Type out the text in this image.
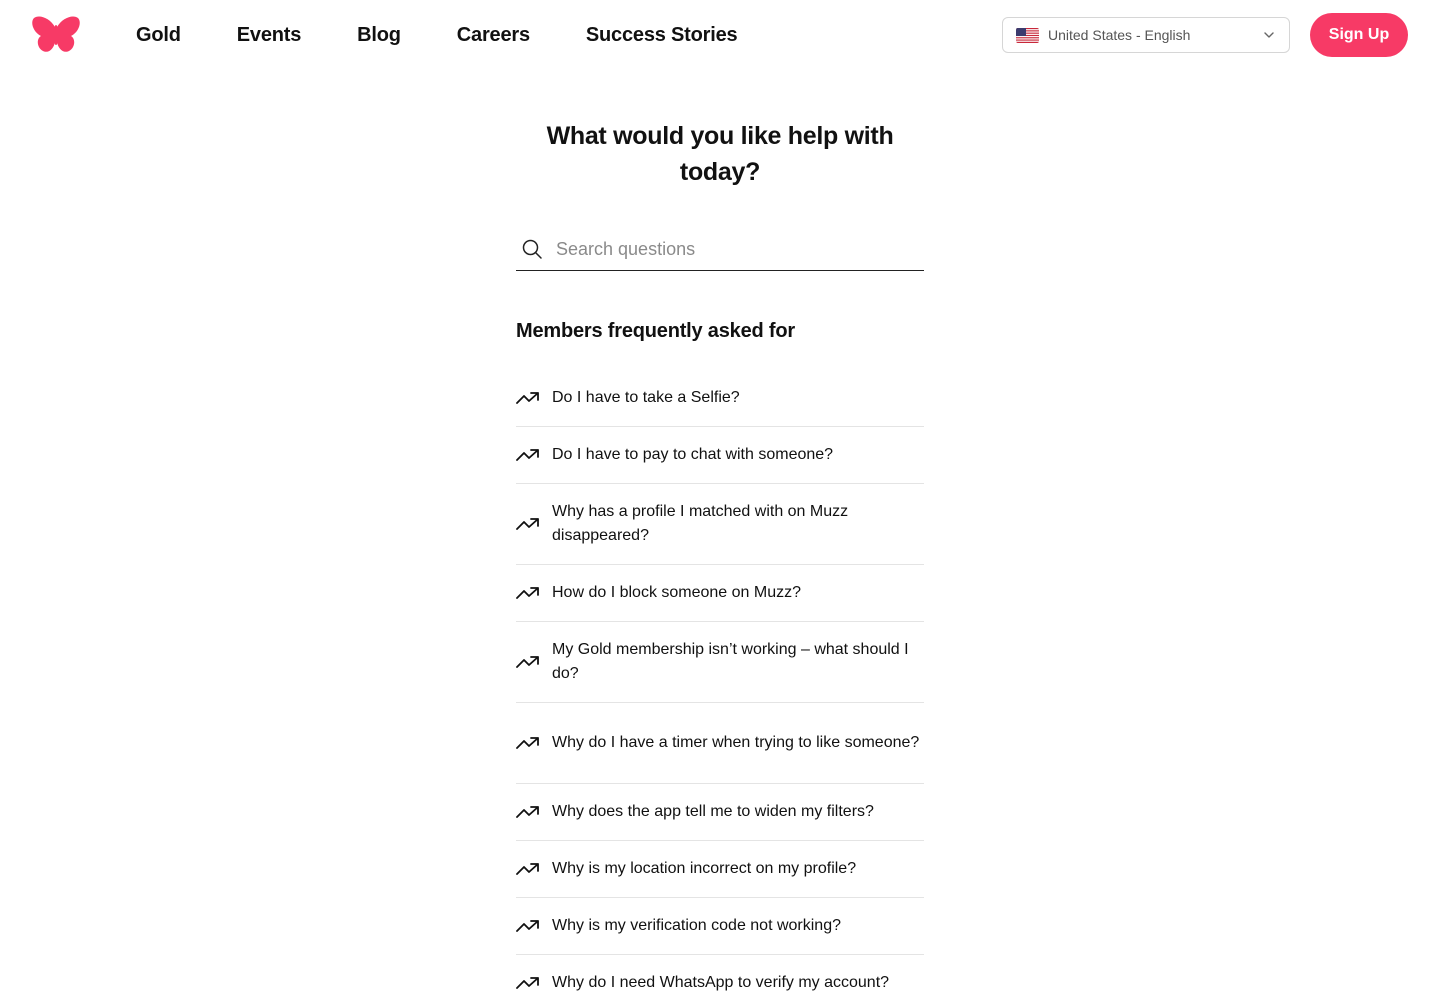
Gold	Events	Blog	Careers	Success Stories	United States - English	Sign Up
What would you like help with today?
Search questions
Members frequently asked for
Do I have to take a Selfie?
Do I have to pay to chat with someone?
Why has a profile I matched with on Muzz disappeared?
How do I block someone on Muzz?
My Gold membership isn’t working – what should I do?
Why do I have a timer when trying to like someone?
Why does the app tell me to widen my filters?
Why is my location incorrect on my profile?
Why is my verification code not working?
Why do I need WhatsApp to verify my account?
